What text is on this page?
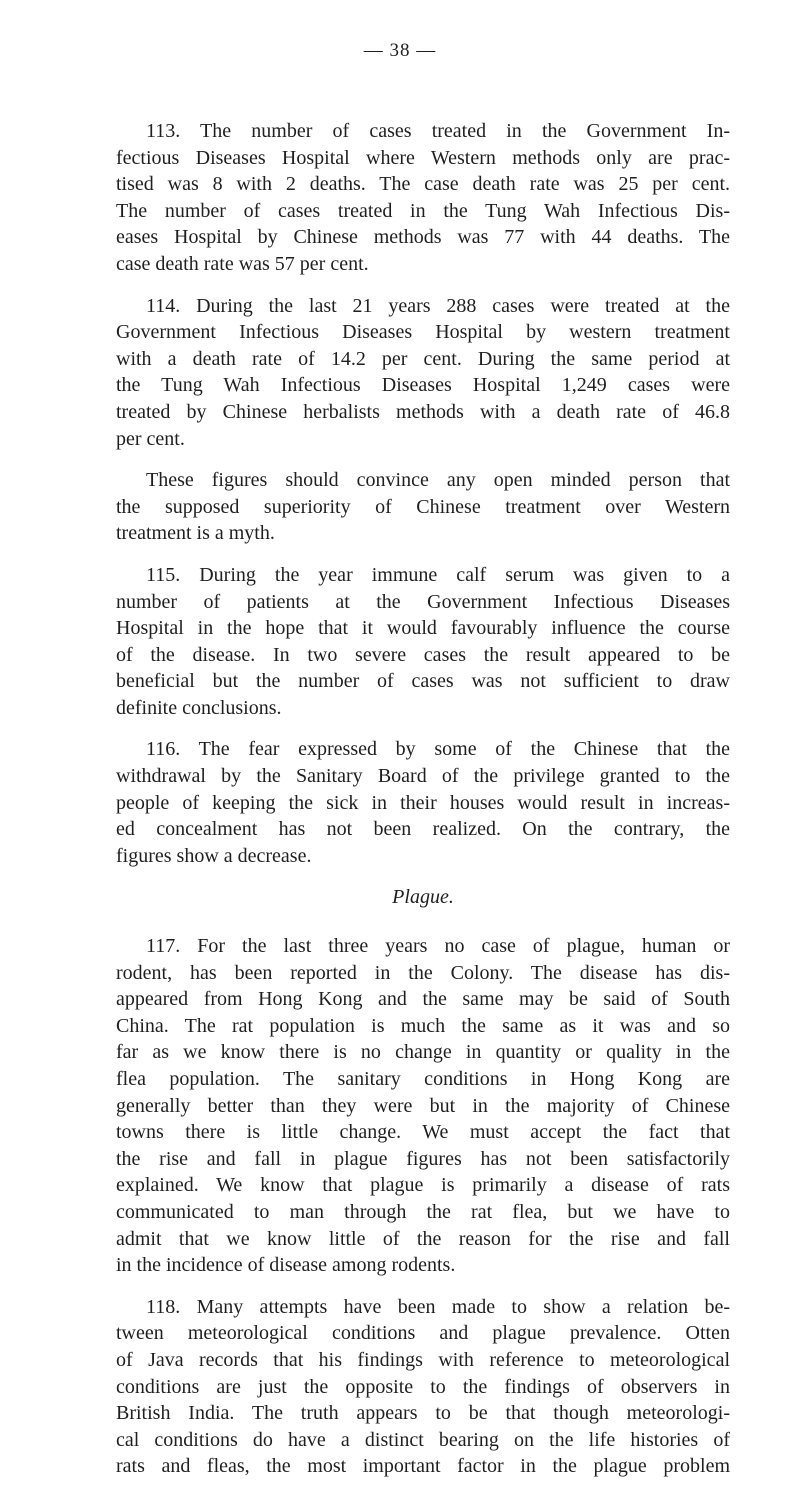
— 38 —
113. The number of cases treated in the Government In-
fectious Diseases Hospital where Western methods only are prac-
tised was 8 with 2 deaths. The case death rate was 25 per cent.
The number of cases treated in the Tung Wah Infectious Dis-
eases Hospital by Chinese methods was 77 with 44 deaths. The
case death rate was 57 per cent.
114. During the last 21 years 288 cases were treated at the
Government Infectious Diseases Hospital by western treatment
with a death rate of 14.2 per cent. During the same period at
the Tung Wah Infectious Diseases Hospital 1,249 cases were
treated by Chinese herbalists methods with a death rate of 46.8
per cent.
These figures should convince any open minded person that
the supposed superiority of Chinese treatment over Western
treatment is a myth.
115. During the year immune calf serum was given to a
number of patients at the Government Infectious Diseases
Hospital in the hope that it would favourably influence the course
of the disease. In two severe cases the result appeared to be
beneficial but the number of cases was not sufficient to draw
definite conclusions.
116. The fear expressed by some of the Chinese that the
withdrawal by the Sanitary Board of the privilege granted to the
people of keeping the sick in their houses would result in increas-
ed concealment has not been realized. On the contrary, the
figures show a decrease.
Plague.
117. For the last three years no case of plague, human or
rodent, has been reported in the Colony. The disease has dis-
appeared from Hong Kong and the same may be said of South
China. The rat population is much the same as it was and so
far as we know there is no change in quantity or quality in the
flea population. The sanitary conditions in Hong Kong are
generally better than they were but in the majority of Chinese
towns there is little change. We must accept the fact that
the rise and fall in plague figures has not been satisfactorily
explained. We know that plague is primarily a disease of rats
communicated to man through the rat flea, but we have to
admit that we know little of the reason for the rise and fall
in the incidence of disease among rodents.
118. Many attempts have been made to show a relation be-
tween meteorological conditions and plague prevalence. Otten
of Java records that his findings with reference to meteorological
conditions are just the opposite to the findings of observers in
British India. The truth appears to be that though meteorologi-
cal conditions do have a distinct bearing on the life histories of
rats and fleas, the most important factor in the plague problem
